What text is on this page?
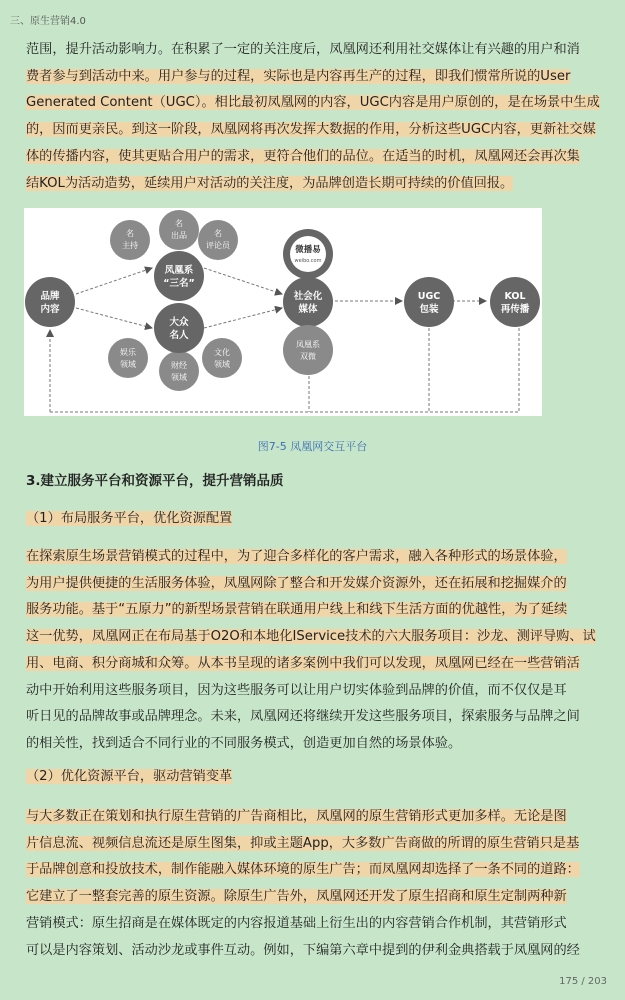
三、原生营销4.0
范围，提升活动影响力。在积累了一定的关注度后，凤凰网还利用社交媒体让有兴趣的用户和消
费者参与到活动中来。用户参与的过程，实际也是内容再生产的过程，即我们惯常所说的User
Generated Content（UGC）。相比最初凤凰网的内容，UGC内容是用户原创的，是在场景中生成
的，因而更亲民。到这一阶段，凤凰网将再次发挥大数据的作用，分析这些UGC内容，更新社交媒
体的传播内容，使其更贴合用户的需求，更符合他们的品位。在适当的时机，凤凰网还会再次集
结KOL为活动造势，延续用户对活动的关注度，为品牌创造长期可持续的价值回报。
名
主持
名
出品	名
评论员
娱乐
领域	财经
领域
文化
领域
品牌
内容
凤凰系
“三名”
大众
名人
微播易
weibo.com
社会化
媒体
凤凰系
双微
UGC
包装
KOL
再传播
图7-5 凤凰网交互平台
3.建立服务平台和资源平台，提升营销品质
（1）布局服务平台，优化资源配置
在探索原生场景营销模式的过程中，为了迎合多样化的客户需求，融入各种形式的场景体验，
为用户提供便捷的生活服务体验，凤凰网除了整合和开发媒介资源外，还在拓展和挖掘媒介的
服务功能。基于“五原力”的新型场景营销在联通用户线上和线下生活方面的优越性，为了延续
这一优势，凤凰网正在布局基于O2O和本地化IService技术的六大服务项目：沙龙、测评导购、试
用、电商、积分商城和众筹。从本书呈现的诸多案例中我们可以发现，凤凰网已经在一些营销活
动中开始利用这些服务项目，因为这些服务可以让用户切实体验到品牌的价值，而不仅仅是耳
听日见的品牌故事或品牌理念。未来，凤凰网还将继续开发这些服务项目，探索服务与品牌之间
的相关性，找到适合不同行业的不同服务模式，创造更加自然的场景体验。
（2）优化资源平台，驱动营销变革
与大多数正在策划和执行原生营销的广告商相比，凤凰网的原生营销形式更加多样。无论是图
片信息流、视频信息流还是原生图集，抑或主题App，大多数广告商做的所谓的原生营销只是基
于品牌创意和投放技术，制作能融入媒体环境的原生广告；而凤凰网却选择了一条不同的道路：
它建立了一整套完善的原生资源。除原生广告外，凤凰网还开发了原生招商和原生定制两种新
营销模式：原生招商是在媒体既定的内容报道基础上衍生出的内容营销合作机制，其营销形式
可以是内容策划、活动沙龙或事件互动。例如，下编第六章中提到的伊利金典搭载于凤凰网的经
175 / 203
